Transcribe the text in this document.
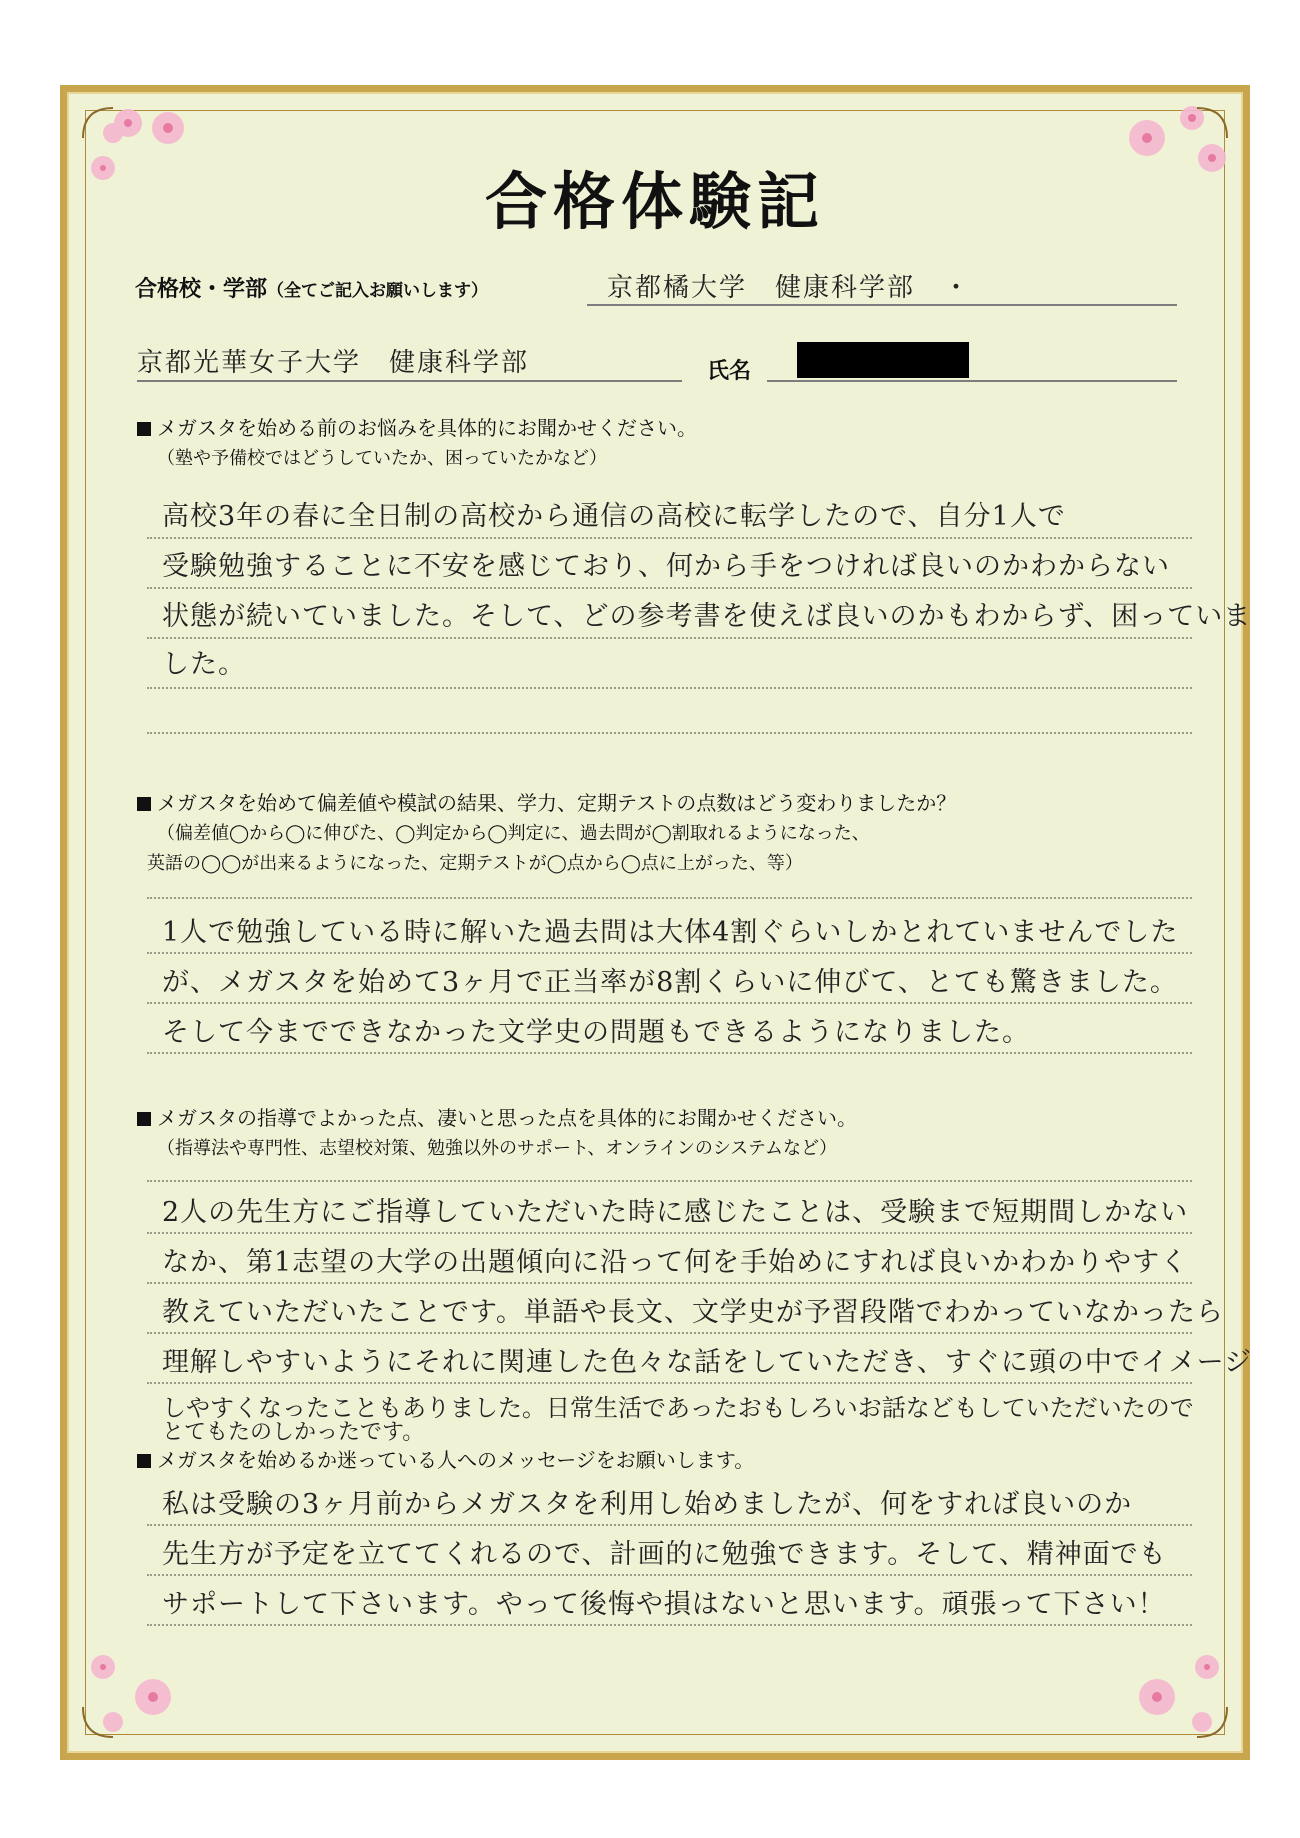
合格体験記
合格校・学部（全てご記入お願いします）	京都橘大学　健康科学部　・
京都光華女子大学　健康科学部	氏名
メガスタを始める前のお悩みを具体的にお聞かせください。
（塾や予備校ではどうしていたか、困っていたかなど）
高校3年の春に全日制の高校から通信の高校に転学したので、自分1人で
受験勉強することに不安を感じており、何から手をつければ良いのかわからない
状態が続いていました。そして、どの参考書を使えば良いのかもわからず、困っていま
した。
メガスタを始めて偏差値や模試の結果、学力、定期テストの点数はどう変わりましたか？
（偏差値◯から◯に伸びた、◯判定から◯判定に、過去問が◯割取れるようになった、
英語の◯◯が出来るようになった、定期テストが◯点から◯点に上がった、等）
1人で勉強している時に解いた過去問は大体4割ぐらいしかとれていませんでした
が、メガスタを始めて3ヶ月で正当率が8割くらいに伸びて、とても驚きました。
そして今までできなかった文学史の問題もできるようになりました。
メガスタの指導でよかった点、凄いと思った点を具体的にお聞かせください。
（指導法や専門性、志望校対策、勉強以外のサポート、オンラインのシステムなど）
2人の先生方にご指導していただいた時に感じたことは、受験まで短期間しかない
なか、第1志望の大学の出題傾向に沿って何を手始めにすれば良いかわかりやすく
教えていただいたことです。単語や長文、文学史が予習段階でわかっていなかったら
理解しやすいようにそれに関連した色々な話をしていただき、すぐに頭の中でイメージ
しやすくなったこともありました。日常生活であったおもしろいお話などもしていただいたので
とてもたのしかったです。
メガスタを始めるか迷っている人へのメッセージをお願いします。
私は受験の3ヶ月前からメガスタを利用し始めましたが、何をすれば良いのか
先生方が予定を立ててくれるので、計画的に勉強できます。そして、精神面でも
サポートして下さいます。やって後悔や損はないと思います。頑張って下さい！
